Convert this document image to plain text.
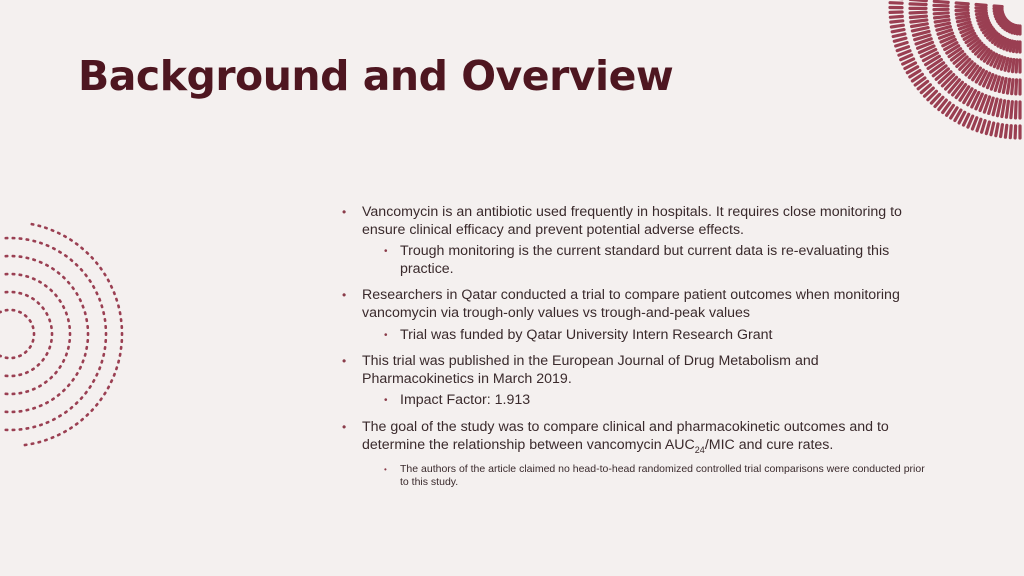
Background and Overview
• Vancomycin is an antibiotic used frequently in hospitals. It requires close monitoring to ensure clinical efficacy and prevent potential adverse effects.
• Trough monitoring is the current standard but current data is re-evaluating this practice.
• Researchers in Qatar conducted a trial to compare patient outcomes when monitoring vancomycin via trough-only values vs trough-and-peak values
• Trial was funded by Qatar University Intern Research Grant
• This trial was published in the European Journal of Drug Metabolism and Pharmacokinetics in March 2019.
• Impact Factor: 1.913
• The goal of the study was to compare clinical and pharmacokinetic outcomes and to determine the relationship between vancomycin $AUC_{24}$/MIC and cure rates.
• The authors of the article claimed no head-to-head randomized controlled trial comparisons were conducted prior to this study.
